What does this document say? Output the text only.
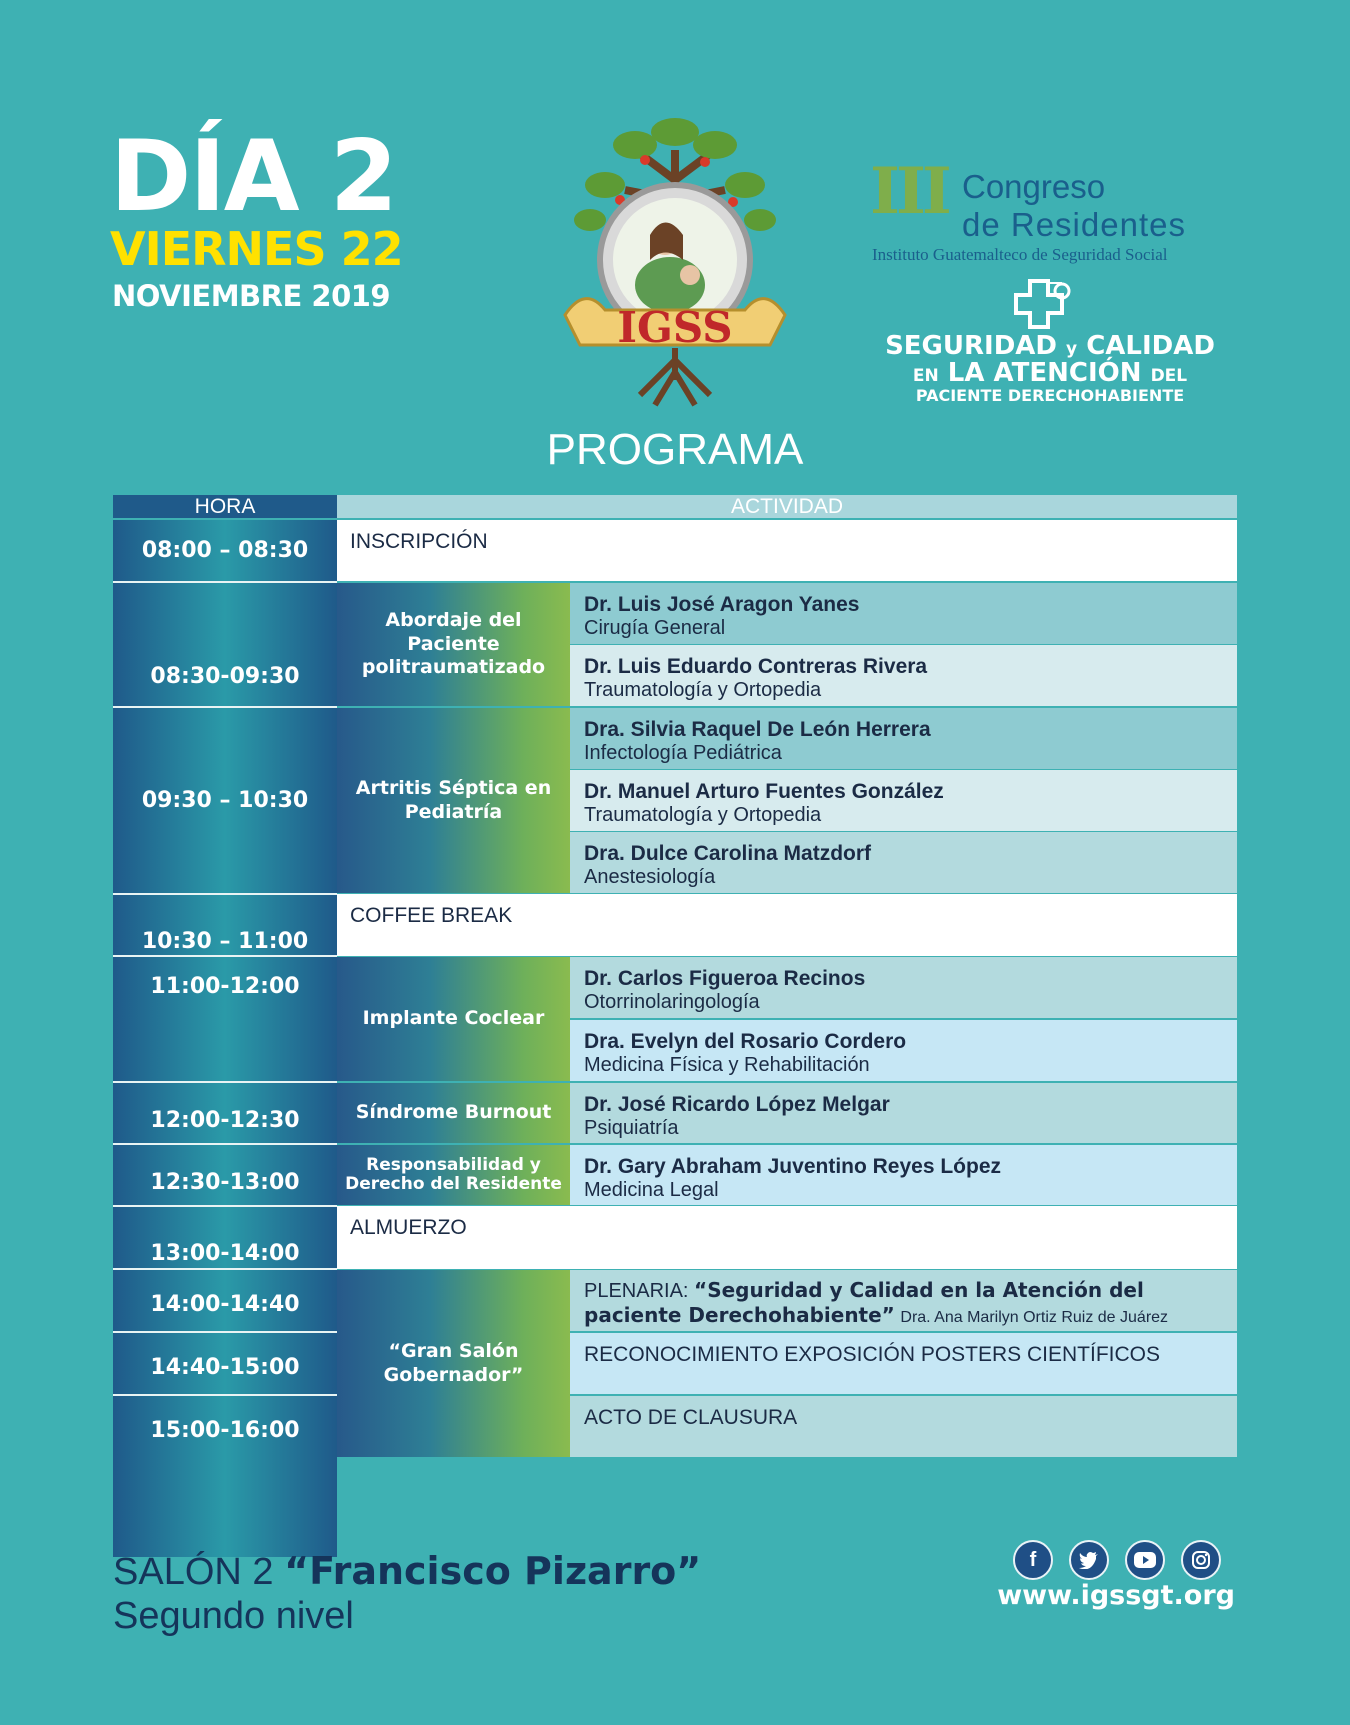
DÍA 2
VIERNES 22
NOVIEMBRE 2019
IGSS
PROGRAMA
III Congreso
de Residentes
Instituto Guatemalteco de Seguridad Social
SEGURIDAD y CALIDAD
EN LA ATENCIÓN DEL
PACIENTE DERECHOHABIENTE
HORA	ACTIVIDAD
08:00 – 08:30
08:30-09:30
09:30 – 10:30
10:30 – 11:00
11:00-12:00
12:00-12:30
12:30-13:00
13:00-14:00
14:00-14:40
14:40-15:00
15:00-16:00
INSCRIPCIÓN
COFFEE BREAK
ALMUERZO
Abordaje del Paciente politraumatizado
Artritis Séptica en Pediatría
Implante Coclear
Síndrome Burnout
Responsabilidad y Derecho del Residente
“Gran Salón Gobernador”
Dr. Luis José Aragon Yanes
Cirugía General
Dr. Luis Eduardo Contreras Rivera
Traumatología y Ortopedia
Dra. Silvia Raquel De León Herrera
Infectología Pediátrica
Dr. Manuel Arturo Fuentes González
Traumatología y Ortopedia
Dra. Dulce Carolina Matzdorf
Anestesiología
Dr. Carlos Figueroa Recinos
Otorrinolaringología
Dra. Evelyn del Rosario Cordero
Medicina Física y Rehabilitación
Dr. José Ricardo López Melgar
Psiquiatría
Dr. Gary Abraham Juventino Reyes López
Medicina Legal
PLENARIA: “Seguridad y Calidad en la Atención del paciente Derechohabiente” Dra. Ana Marilyn Ortiz Ruiz de Juárez
RECONOCIMIENTO EXPOSICIÓN POSTERS CIENTÍFICOS
ACTO DE CLAUSURA
SALÓN 2 “Francisco Pizarro”
Segundo nivel
f
www.igssgt.org
